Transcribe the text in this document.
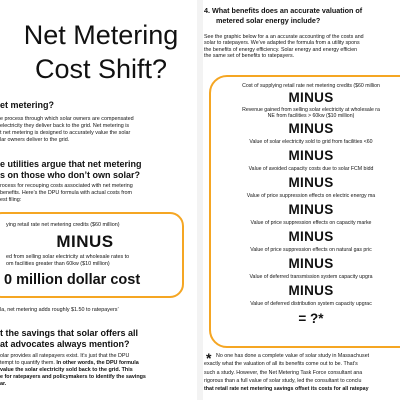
Net Metering
Cost Shift?
et metering?
e process through which solar owners are compensated
electricity they deliver back to the grid. Net metering is
t net metering is designed to accurately value the solar
lar owners deliver to the grid.
e utilities argue that net metering
s on those who don’t own solar?
rocess for recouping costs associated with net metering
benefits. Here’s the DPU formula with actual costs from
est filing:
ying retail rate net metering credits ($60 million)
MINUS
ed from selling solar electricity at wholesale rates to
om facilities greater than 60kw ($10 million)
0 million dollar cost
la, net metering adds roughly $1.50 to ratepayers’
t the savings that solar offers all
at advocates always mention?
olar provides all ratepayers exist. It’s just that the DPU
tempt to quantify them. In other words, the DPU formula
value the solar electricity sold back to the grid. This
e for ratepayers and policymakers to identify the savings
ar.
4. What benefits does an accurate valuation of
metered solar energy include?
See the graphic below for a an accurate accounting of the costs and
solar to ratepayers. We’ve adapted the formula from a utility spons
the benefits of energy efficiency. Solar energy and energy efficien
the same set of benefits to ratepayers.
Cost of supplying retail rate net metering credits ($60 million
MINUS
Revenue gained from selling solar electricity at wholesale ra
NE from facilities > 60kw ($10 million)
MINUS
Value of solar electricity sold to grid from facilities <60
MINUS
Value of avoided capacity costs due to solar FCM bidd
MINUS
Value of price suppression effects on electric energy ma
MINUS
Value of price suppression effects on capacity marke
MINUS
Value of price suppression effects on natural gas pric
MINUS
Value of deferred transmission system capacity upgra
MINUS
Value of deferred distribution system capacity upgrac
= ?*
* No one has done a complete value of solar study in Massachuset
exactly what the valuation of all its benefits come out to be. That’s
such a study. However, the Net Metering Task Force consultant ana
rigorous than a full value of solar study, led the consultant to conclu
that retail rate net metering savings offset its costs for all ratepay
